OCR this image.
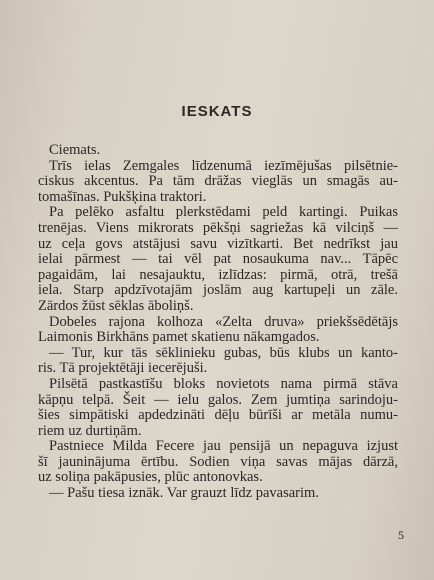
IESKATS
Ciemats.
Trīs ielas Zemgales līdzenumā iezīmējušas pilsētnie-
ciskus akcentus. Pa tām drāžas vieglās un smagās au-
tomašīnas. Pukšķina traktori.
Pa pelēko asfaltu plerkstēdami peld kartingi. Puikas
trenējas. Viens mikrorats pēkšņi sagriežas kā vilciņš —
uz ceļa govs atstājusi savu vizītkarti. Bet nedrīkst jau
ielai pārmest — tai vēl pat nosaukuma nav... Tāpēc
pagaidām, lai nesajauktu, izlīdzas: pirmā, otrā, trešā
iela. Starp apdzīvotajām joslām aug kartupeļi un zāle.
Zārdos žūst sēklas āboliņš.
Dobeles rajona kolhoza «Zelta druva» priekšsēdētājs
Laimonis Birkhāns pamet skatienu nākamgados.
— Tur, kur tās sēklinieku gubas, būs klubs un kanto-
ris. Tā projektētāji iecerējuši.
Pilsētā pastkastīšu bloks novietots nama pirmā stāva
kāpņu telpā. Šeit — ielu galos. Zem jumtiņa sarindoju-
šies simpātiski apdedzināti dēļu būrīši ar metāla numu-
riem uz durtiņām.
Pastniece Milda Fecere jau pensijā un nepaguva izjust
šī jauninājuma ērtību. Sodien viņa savas mājas dārzā,
uz soliņa pakāpusies, plūc antonovkas.
— Pašu tiesa iznāk. Var grauzt līdz pavasarim.
5
